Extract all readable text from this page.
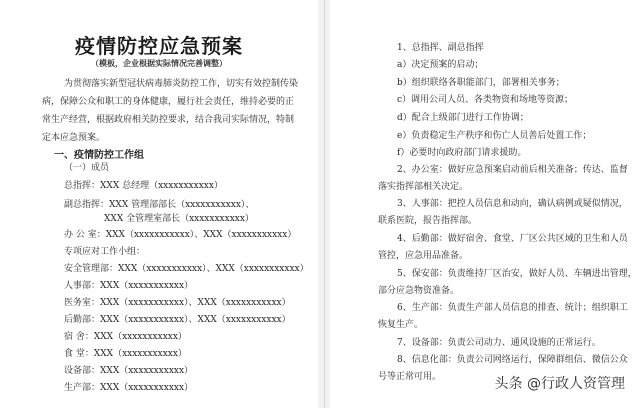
疫情防控应急预案
（模板，企业根据实际情况完善调整）
为贯彻落实新型冠状病毒肺炎防控工作，切实有效控制传染
病，保障公众和职工的身体健康，履行社会责任，维持必要的正
常生产经营，根据政府相关防控要求，结合我司实际情况，特制
定本应急预案。
一、疫情防控工作组
（一）成员
总指挥：XXX 总经理（xxxxxxxxxxx）
副总指挥：XXX 管理部部长（xxxxxxxxxxx）、
XXX 全管理室部长（xxxxxxxxxxx）
办 公 室：XXX（xxxxxxxxxxx）、XXX（xxxxxxxxxxx）
专项应对工作小组：
安全管理部：XXX（xxxxxxxxxxx）、XXX（xxxxxxxxxxx）
人事部：XXX（xxxxxxxxxxx）
医务室：XXX（xxxxxxxxxxx）、XXX（xxxxxxxxxxx）
后勤部：XXX（xxxxxxxxxxx）、XXX（xxxxxxxxxxx）
宿 舍：XXX（xxxxxxxxxxx）
食 堂：XXX（xxxxxxxxxxx）
设备部：XXX（xxxxxxxxxxx）
生产部：XXX（xxxxxxxxxxx）
1、总指挥、副总指挥
a）决定预案的启动；
b）组织联络各职能部门，部署相关事务；
c）调用公司人员、各类物资和场地等资源；
d）配合上级部门进行工作协调；
e）负责稳定生产秩序和伤亡人员善后处置工作；
f）必要时向政府部门请求援助。
2、办公室：做好应急预案启动前后相关准备；传达、监督
落实指挥部相关决定。
3、人事部：把控人员信息和动向，确认病例或疑似情况，
联系医院，报告指挥部。
4、后勤部：做好宿舍、食堂、厂区公共区域的卫生和人员
管控，应急用品准备。
5、保安部：负责维持厂区治安，做好人员、车辆进出管理，
部分应急物资准备。
6、生产部：负责生产部人员信息的排查、统计；组织职工
恢复生产。
7、设备部：负责公司动力、通风设施的正常运行。
8、信息化部：负责公司网络运行，保障群组信、微信公众
号等正常可用。	头条 @行政人资管理
